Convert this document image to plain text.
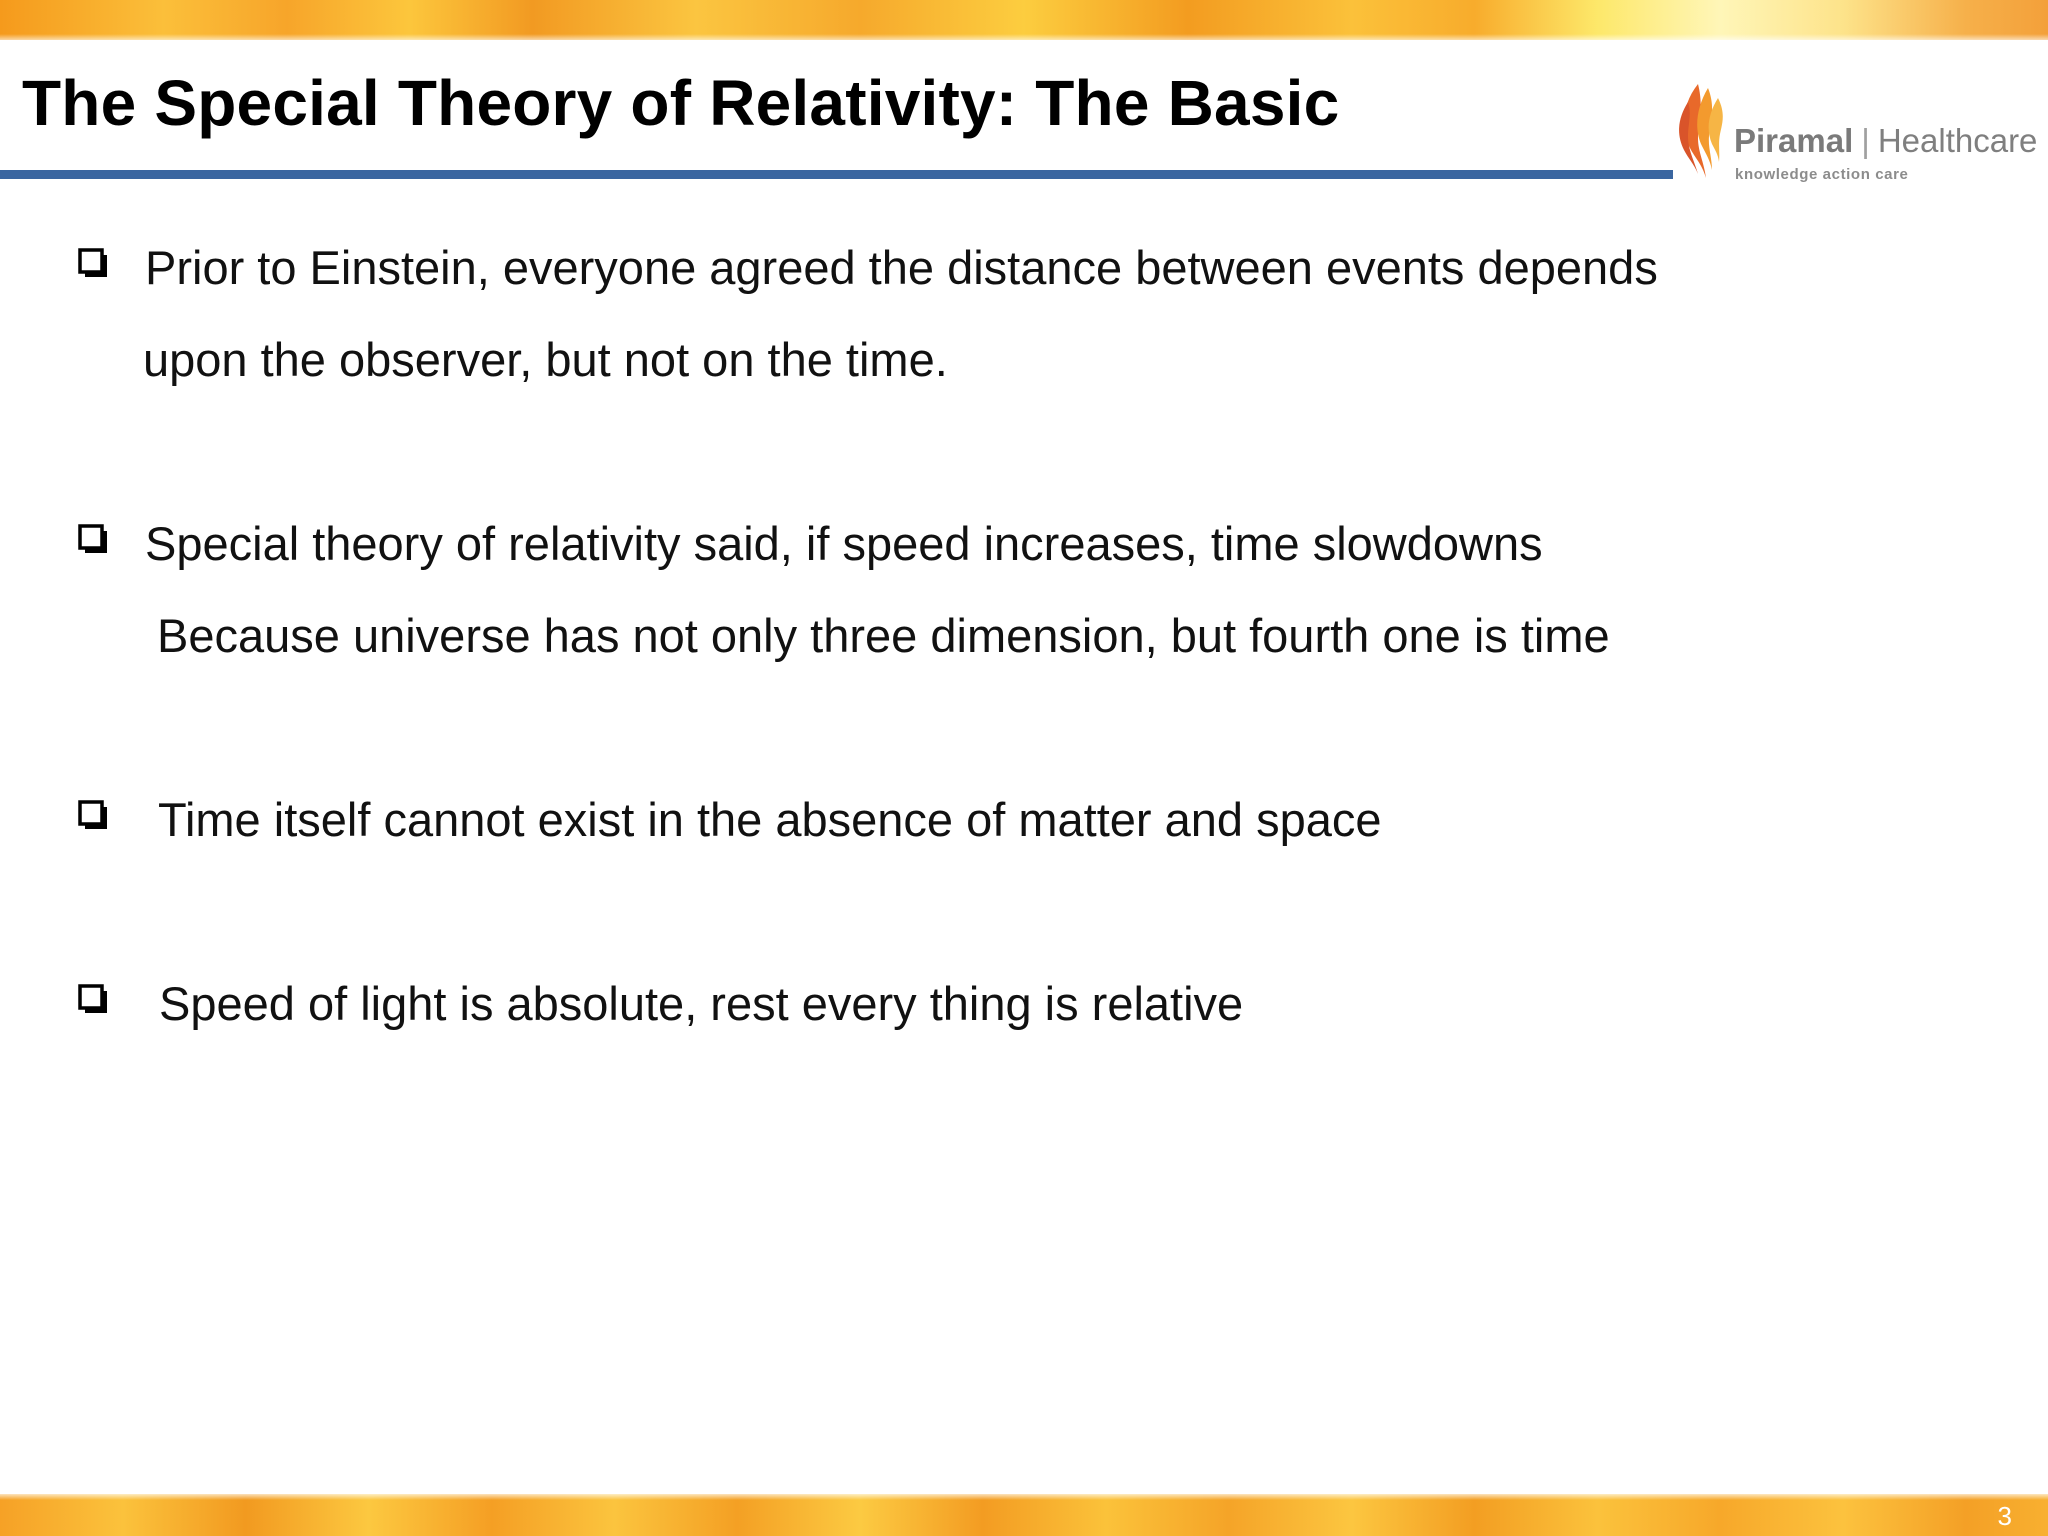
The Special Theory of Relativity: The Basic
Piramal | Healthcare
knowledge action care
Prior to Einstein, everyone agreed the distance between events depends
upon the observer, but not on the time.
Special theory of relativity said, if speed increases, time slowdowns
Because universe has not only three dimension, but fourth one is time
Time itself cannot exist in the absence of matter and space
Speed of light is absolute, rest every thing is relative
3
